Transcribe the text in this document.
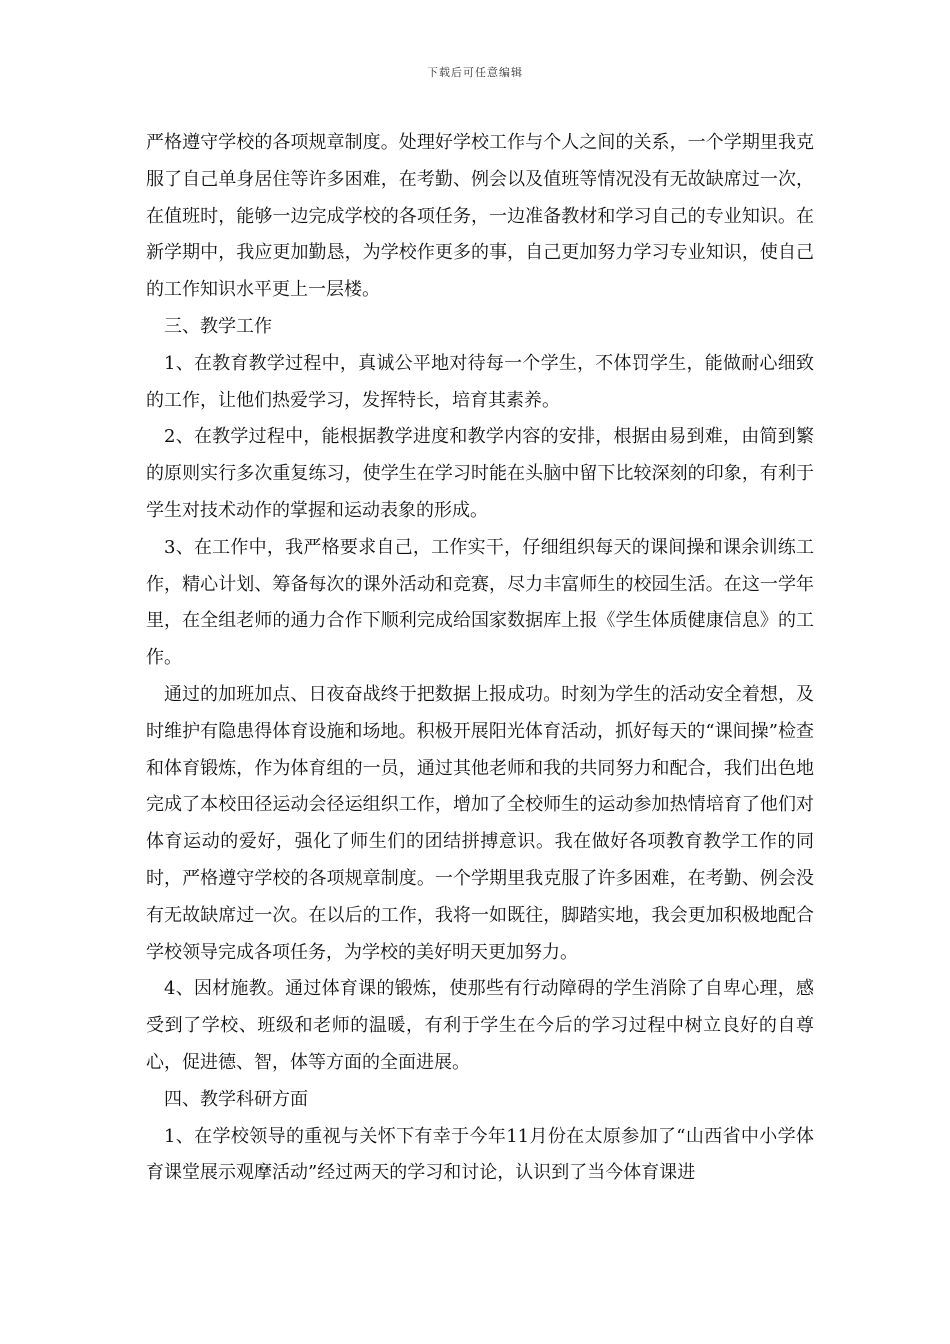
下载后可任意编辑

严格遵守学校的各项规章制度。处理好学校工作与个人之间的关系，一个学期里我克服了自己单身居住等许多困难，在考勤、例会以及值班等情况没有无故缺席过一次，在值班时，能够一边完成学校的各项任务，一边准备教材和学习自己的专业知识。在新学期中，我应更加勤恳，为学校作更多的事，自己更加努力学习专业知识，使自己的工作知识水平更上一层楼。

三、教学工作

1、在教育教学过程中，真诚公平地对待每一个学生，不体罚学生，能做耐心细致的工作，让他们热爱学习，发挥特长，培育其素养。

2、在教学过程中，能根据教学进度和教学内容的安排，根据由易到难，由简到繁的原则实行多次重复练习，使学生在学习时能在头脑中留下比较深刻的印象，有利于学生对技术动作的掌握和运动表象的形成。

3、在工作中，我严格要求自己，工作实干，仔细组织每天的课间操和课余训练工作，精心计划、筹备每次的课外活动和竞赛，尽力丰富师生的校园生活。在这一学年里，在全组老师的通力合作下顺利完成给国家数据库上报《学生体质健康信息》的工作。

通过的加班加点、日夜奋战终于把数据上报成功。时刻为学生的活动安全着想，及时维护有隐患得体育设施和场地。积极开展阳光体育活动，抓好每天的“课间操”检查和体育锻炼，作为体育组的一员，通过其他老师和我的共同努力和配合，我们出色地完成了本校田径运动会径运组织工作，增加了全校师生的运动参加热情培育了他们对体育运动的爱好，强化了师生们的团结拼搏意识。我在做好各项教育教学工作的同时，严格遵守学校的各项规章制度。一个学期里我克服了许多困难，在考勤、例会没有无故缺席过一次。在以后的工作，我将一如既往，脚踏实地，我会更加积极地配合学校领导完成各项任务，为学校的美好明天更加努力。

4、因材施教。通过体育课的锻炼，使那些有行动障碍的学生消除了自卑心理，感受到了学校、班级和老师的温暖，有利于学生在今后的学习过程中树立良好的自尊心，促进德、智，体等方面的全面进展。

四、教学科研方面

1、在学校领导的重视与关怀下有幸于今年11月份在太原参加了“山西省中小学体育课堂展示观摩活动”经过两天的学习和讨论，认识到了当今体育课进
